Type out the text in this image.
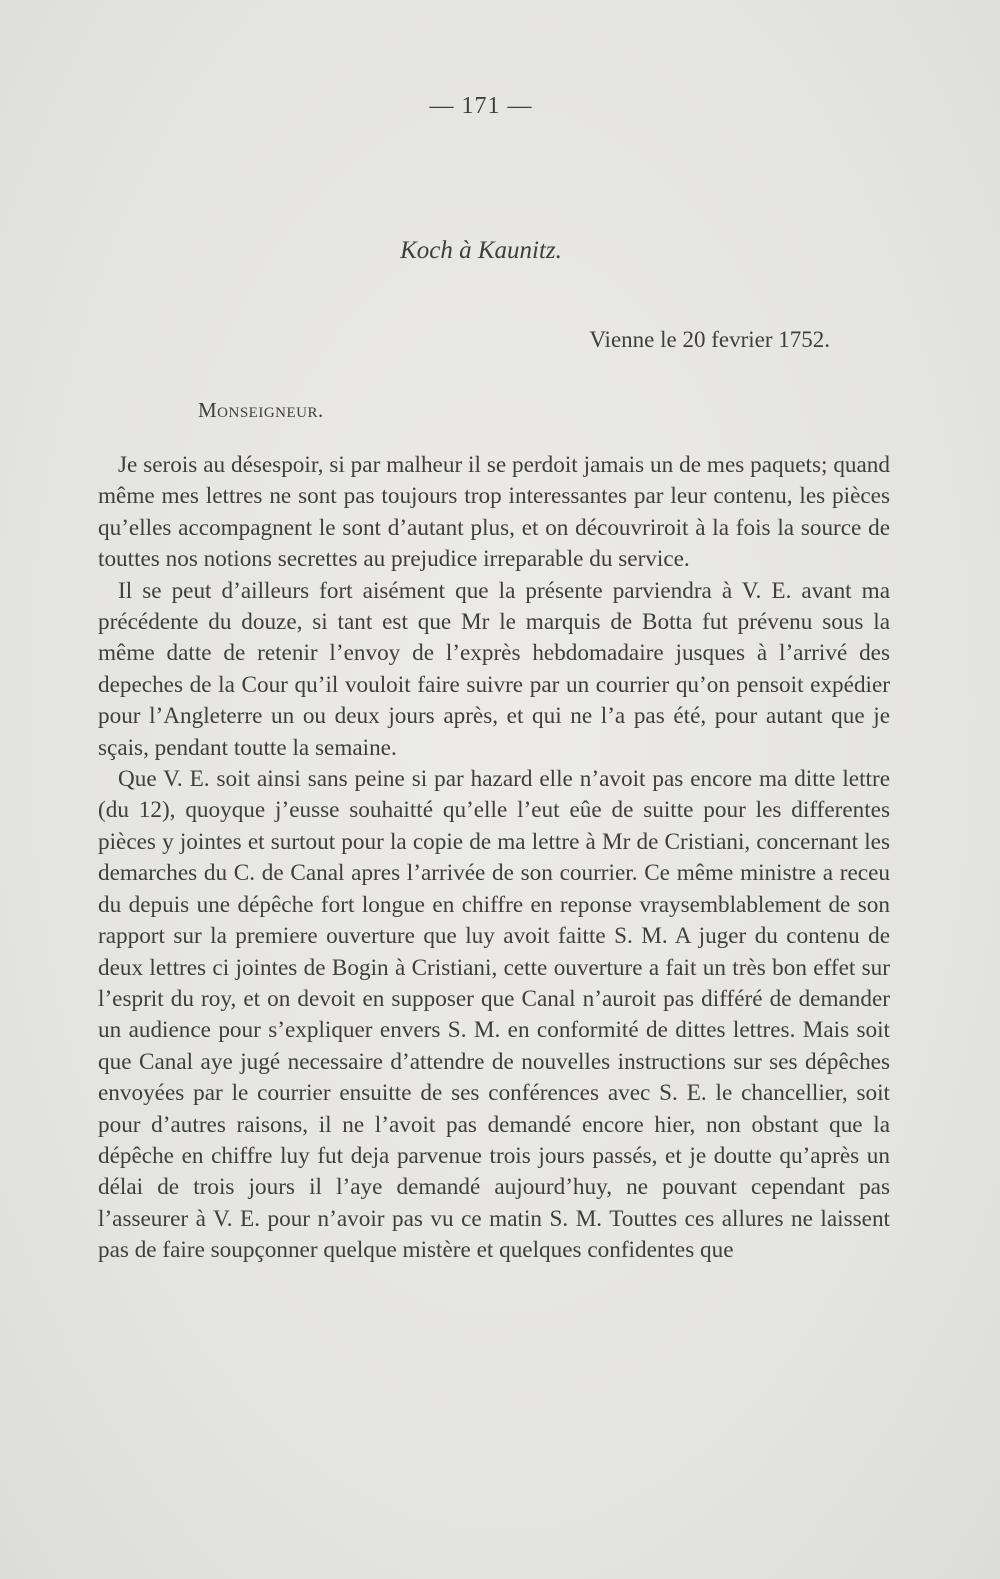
— 171 —
Koch à Kaunitz.
Vienne le 20 fevrier 1752.
Monseigneur.

Je serois au désespoir, si par malheur il se perdoit jamais un de mes paquets; quand même mes lettres ne sont pas toujours trop interessantes par leur contenu, les pièces qu’elles accompagnent le sont d’autant plus, et on découvriroit à la fois la source de touttes nos notions secrettes au prejudice irreparable du service.

Il se peut d’ailleurs fort aisément que la présente parviendra à V. E. avant ma précédente du douze, si tant est que Mr le marquis de Botta fut prévenu sous la même datte de retenir l’envoy de l’exprès hebdomadaire jusques à l’arrivé des depeches de la Cour qu’il vouloit faire suivre par un courrier qu’on pensoit expédier pour l’Angleterre un ou deux jours après, et qui ne l’a pas été, pour autant que je sçais, pendant toutte la semaine.

Que V. E. soit ainsi sans peine si par hazard elle n’avoit pas encore ma ditte lettre (du 12), quoyque j’eusse souhaitté qu’elle l’eut eûe de suitte pour les differentes pièces y jointes et surtout pour la copie de ma lettre à Mr de Cristiani, concernant les demarches du C. de Canal apres l’arrivée de son courrier. Ce même ministre a receu du depuis une dépêche fort longue en chiffre en reponse vraysemblablement de son rapport sur la premiere ouverture que luy avoit faitte S. M. A juger du contenu de deux lettres ci jointes de Bogin à Cristiani, cette ouverture a fait un très bon effet sur l’esprit du roy, et on devoit en supposer que Canal n’auroit pas différé de demander un audience pour s’expliquer envers S. M. en conformité de dittes lettres. Mais soit que Canal aye jugé necessaire d’attendre de nouvelles instructions sur ses dépêches envoyées par le courrier ensuitte de ses conférences avec S. E. le chancellier, soit pour d’autres raisons, il ne l’avoit pas demandé encore hier, non obstant que la dépêche en chiffre luy fut deja parvenue trois jours passés, et je doutte qu’après un délai de trois jours il l’aye demandé aujourd’huy, ne pouvant cependant pas l’asseurer à V. E. pour n’avoir pas vu ce matin S. M. Touttes ces allures ne laissent pas de faire soupçonner quelque mistère et quelques confidentes que
